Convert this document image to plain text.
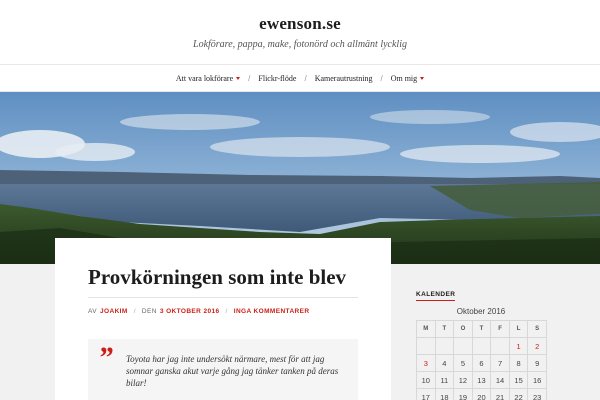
ewenson.se
Lokförare, pappa, make, fotonörd och allmänt lycklig
Att vara lokförare / Flickr-flöde / Kamerautrustning / Om mig
Provkörningen som inte blev
AV JOAKIM / DEN 3 OKTOBER 2016 / INGA KOMMENTARER
” Toyota har jag inte undersökt närmare, mest för att jag somnar ganska akut varje gång jag tänker tanken på deras bilar!

KALENDER
Oktober 2016
M	T	O	T	F	L	S
					1	2
3	4	5	6	7	8	9
10	11	12	13	14	15	16
17	18	19	20	21	22	23
